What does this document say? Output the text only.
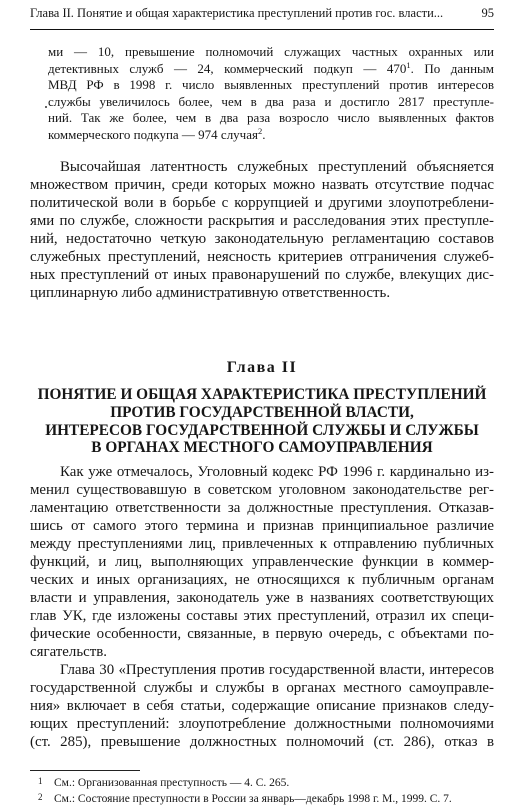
Глава II. Понятие и общая характеристика преступлений против гос. власти...	95
ми — 10, превышение полномочий служащих частных охранных или
детективных служб — 24, коммерческий подкуп — $470^1$. По данным
МВД РФ в 1998 г. число выявленных преступлений против интересов
службы увеличилось более, чем в два раза и достигло 2817 преступле-
ний. Так же более, чем в два раза возросло число выявленных фактов
коммерческого подкупа — 974 случая$^2$.
Высочайшая латентность служебных преступлений объясняется
множеством причин, среди которых можно назвать отсутствие подчас
политической воли в борьбе с коррупцией и другими злоупотреблени-
ями по службе, сложности раскрытия и расследования этих преступле-
ний, недостаточно четкую законодательную регламентацию составов
служебных преступлений, неясность критериев отграничения служеб-
ных преступлений от иных правонарушений по службе, влекущих дис-
циплинарную либо административную ответственность.
Глава II
ПОНЯТИЕ И ОБЩАЯ ХАРАКТЕРИСТИКА ПРЕСТУПЛЕНИЙ
ПРОТИВ ГОСУДАРСТВЕННОЙ ВЛАСТИ,
ИНТЕРЕСОВ ГОСУДАРСТВЕННОЙ СЛУЖБЫ И СЛУЖБЫ
В ОРГАНАХ МЕСТНОГО САМОУПРАВЛЕНИЯ
Как уже отмечалось, Уголовный кодекс РФ 1996 г. кардинально из-
менил существовавшую в советском уголовном законодательстве рег-
ламентацию ответственности за должностные преступления. Отказав-
шись от самого этого термина и признав принципиальное различие
между преступлениями лиц, привлеченных к отправлению публичных
функций, и лиц, выполняющих управленческие функции в коммер-
ческих и иных организациях, не относящихся к публичным органам
власти и управления, законодатель уже в названиях соответствующих
глав УК, где изложены составы этих преступлений, отразил их специ-
фические особенности, связанные, в первую очередь, с объектами по-
сягательств.
Глава 30 «Преступления против государственной власти, интересов
государственной службы и службы в органах местного самоуправле-
ния» включает в себя статьи, содержащие описание признаков следу-
ющих преступлений: злоупотребление должностными полномочиями
(ст. 285), превышение должностных полномочий (ст. 286), отказ в
1 См.: Организованная преступность — 4. С. 265.
2 См.: Состояние преступности в России за январь—декабрь 1998 г. М., 1999. С. 7.
